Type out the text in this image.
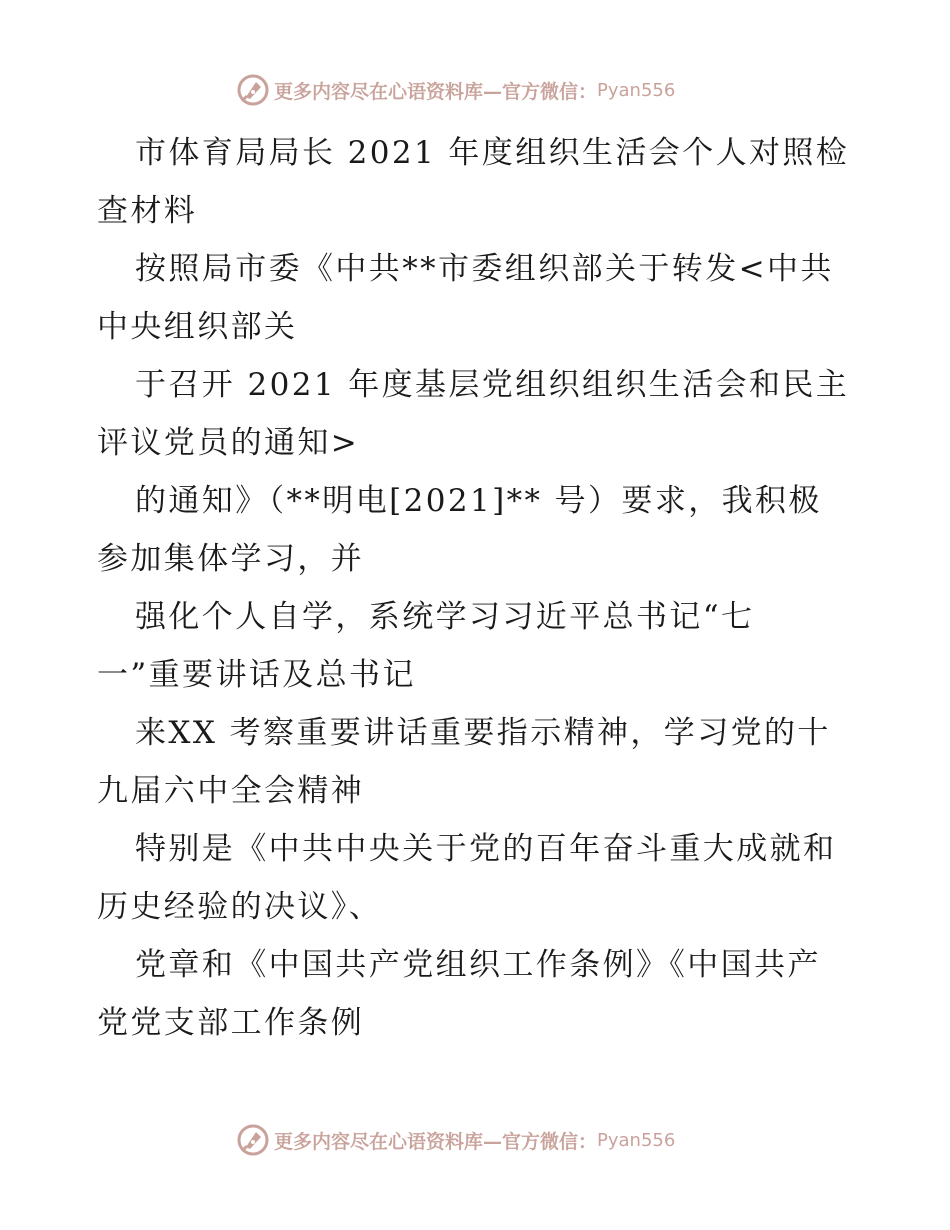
更多内容尽在心语资料库—官方微信： Pyan556

市体育局局长 2021 年度组织生活会个人对照检
查材料

按照局市委《中共**市委组织部关于转发<中共
中央组织部关

于召开 2021 年度基层党组织组织生活会和民主
评议党员的通知>

的通知》（**明电[2021]** 号）要求，我积极
参加集体学习，并

强化个人自学，系统学习习近平总书记“七
一”重要讲话及总书记

来XX 考察重要讲话重要指示精神，学习党的十
九届六中全会精神

特别是《中共中央关于党的百年奋斗重大成就和
历史经验的决议》、

党章和《中国共产党组织工作条例》《中国共产
党党支部工作条例

更多内容尽在心语资料库—官方微信： Pyan556
